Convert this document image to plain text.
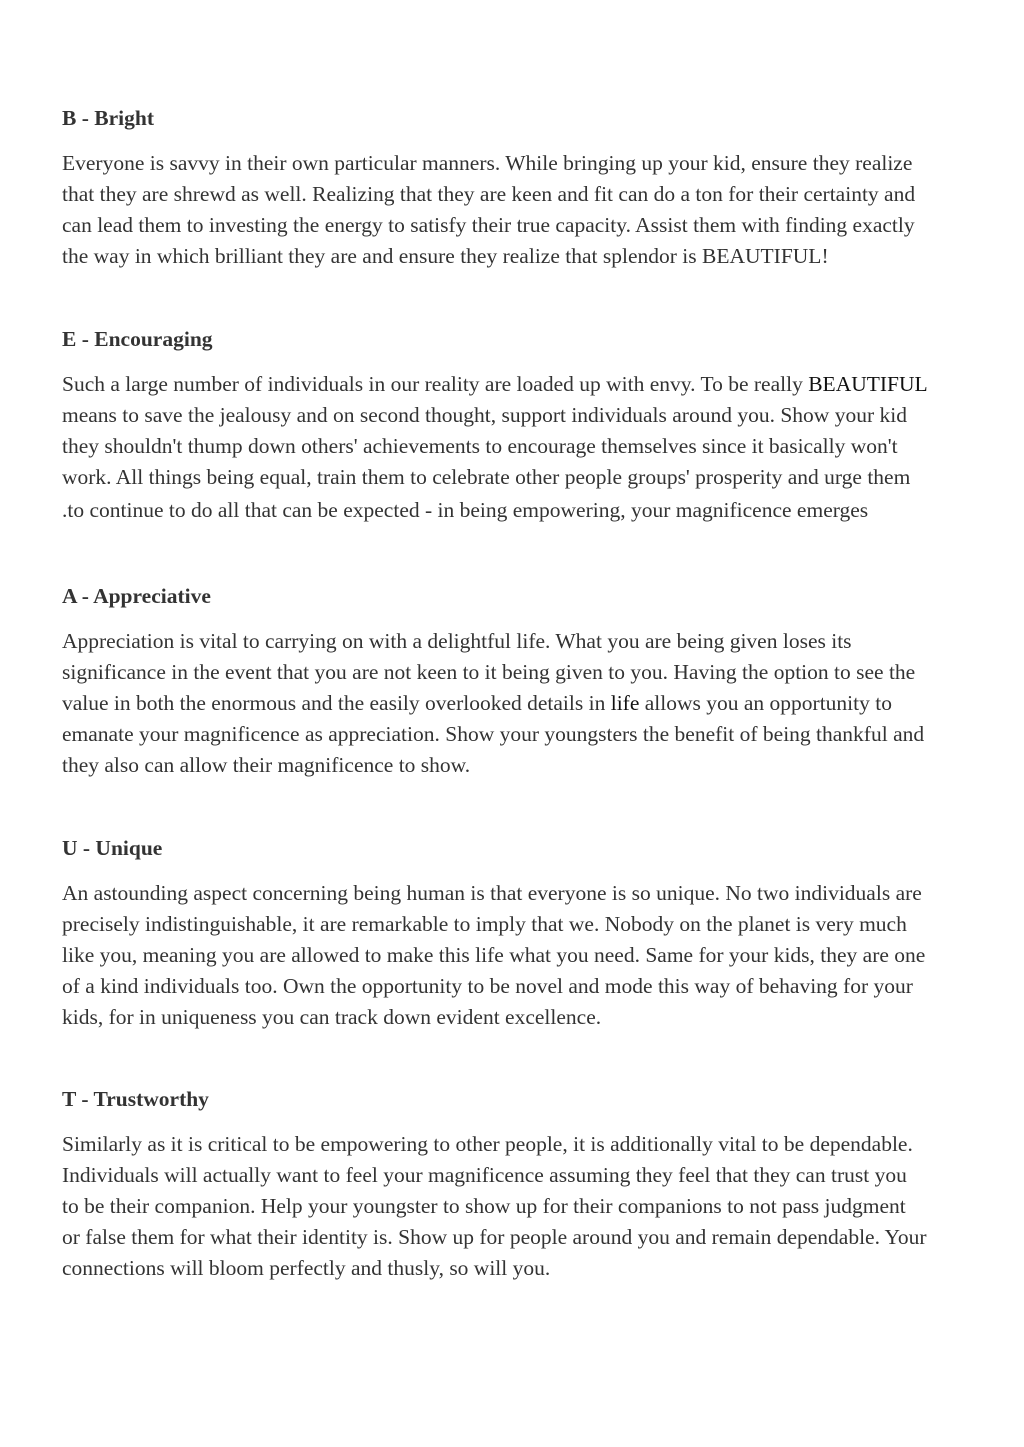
B - Bright

Everyone is savvy in their own particular manners. While bringing up your kid, ensure they realize
that they are shrewd as well. Realizing that they are keen and fit can do a ton for their certainty and
can lead them to investing the energy to satisfy their true capacity. Assist them with finding exactly
the way in which brilliant they are and ensure they realize that splendor is BEAUTIFUL!

E - Encouraging

Such a large number of individuals in our reality are loaded up with envy. To be really BEAUTIFUL
means to save the jealousy and on second thought, support individuals around you. Show your kid
they shouldn't thump down others' achievements to encourage themselves since it basically won't
work. All things being equal, train them to celebrate other people groups' prosperity and urge them
.to continue to do all that can be expected - in being empowering, your magnificence emerges

A - Appreciative

Appreciation is vital to carrying on with a delightful life. What you are being given loses its
significance in the event that you are not keen to it being given to you. Having the option to see the
value in both the enormous and the easily overlooked details in life allows you an opportunity to
emanate your magnificence as appreciation. Show your youngsters the benefit of being thankful and
they also can allow their magnificence to show.

U - Unique

An astounding aspect concerning being human is that everyone is so unique. No two individuals are
precisely indistinguishable, it are remarkable to imply that we. Nobody on the planet is very much
like you, meaning you are allowed to make this life what you need. Same for your kids, they are one
of a kind individuals too. Own the opportunity to be novel and mode this way of behaving for your
kids, for in uniqueness you can track down evident excellence.

T - Trustworthy

Similarly as it is critical to be empowering to other people, it is additionally vital to be dependable.
Individuals will actually want to feel your magnificence assuming they feel that they can trust you
to be their companion. Help your youngster to show up for their companions to not pass judgment
or false them for what their identity is. Show up for people around you and remain dependable. Your
connections will bloom perfectly and thusly, so will you.
